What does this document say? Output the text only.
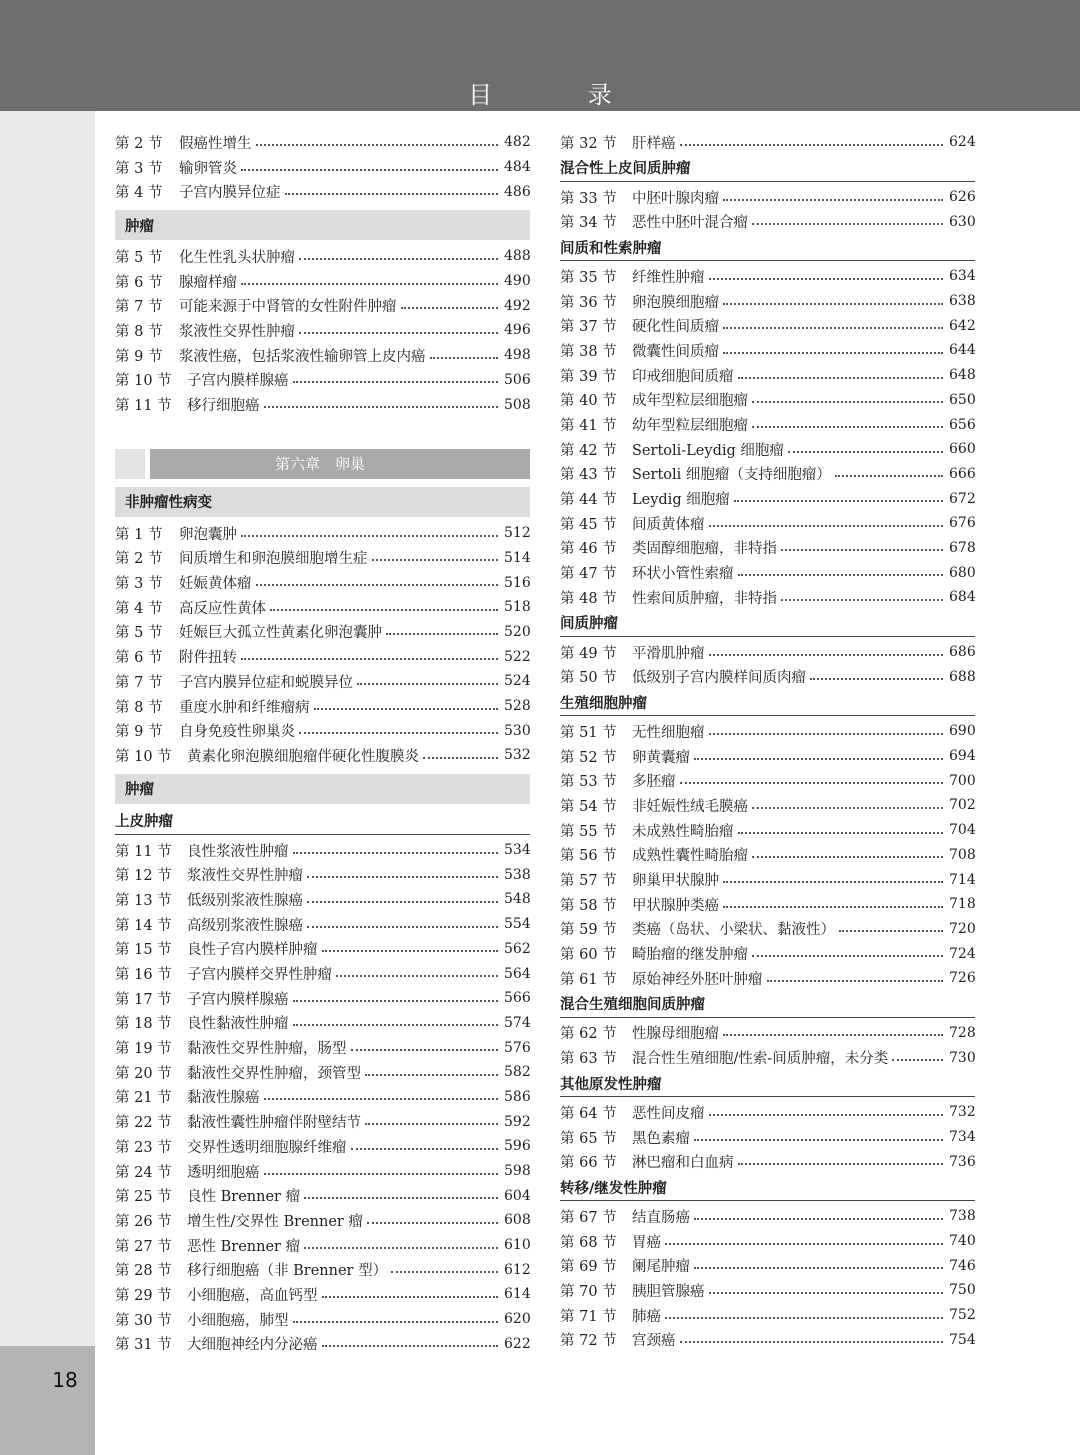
目 录
18
第 2 节	假癌性增生	482
第 3 节	输卵管炎	484
第 4 节	子宫内膜异位症	486
肿瘤
第 5 节	化生性乳头状肿瘤	488
第 6 节	腺瘤样瘤	490
第 7 节	可能来源于中肾管的女性附件肿瘤	492
第 8 节	浆液性交界性肿瘤	496
第 9 节	浆液性癌，包括浆液性输卵管上皮内癌	498
第 10 节	子宫内膜样腺癌	506
第 11 节	移行细胞癌	508
第六章　卵巢
非肿瘤性病变
第 1 节	卵泡囊肿	512
第 2 节	间质增生和卵泡膜细胞增生症	514
第 3 节	妊娠黄体瘤	516
第 4 节	高反应性黄体	518
第 5 节	妊娠巨大孤立性黄素化卵泡囊肿	520
第 6 节	附件扭转	522
第 7 节	子宫内膜异位症和蜕膜异位	524
第 8 节	重度水肿和纤维瘤病	528
第 9 节	自身免疫性卵巢炎	530
第 10 节	黄素化卵泡膜细胞瘤伴硬化性腹膜炎	532
肿瘤
上皮肿瘤
第 11 节	良性浆液性肿瘤	534
第 12 节	浆液性交界性肿瘤	538
第 13 节	低级别浆液性腺癌	548
第 14 节	高级别浆液性腺癌	554
第 15 节	良性子宫内膜样肿瘤	562
第 16 节	子宫内膜样交界性肿瘤	564
第 17 节	子宫内膜样腺癌	566
第 18 节	良性黏液性肿瘤	574
第 19 节	黏液性交界性肿瘤，肠型	576
第 20 节	黏液性交界性肿瘤，颈管型	582
第 21 节	黏液性腺癌	586
第 22 节	黏液性囊性肿瘤伴附壁结节	592
第 23 节	交界性透明细胞腺纤维瘤	596
第 24 节	透明细胞癌	598
第 25 节	良性 Brenner 瘤	604
第 26 节	增生性/交界性 Brenner 瘤	608
第 27 节	恶性 Brenner 瘤	610
第 28 节	移行细胞癌（非 Brenner 型）	612
第 29 节	小细胞癌，高血钙型	614
第 30 节	小细胞癌，肺型	620
第 31 节	大细胞神经内分泌癌	622
第 32 节	肝样癌	624
混合性上皮间质肿瘤
第 33 节	中胚叶腺肉瘤	626
第 34 节	恶性中胚叶混合瘤	630
间质和性索肿瘤
第 35 节	纤维性肿瘤	634
第 36 节	卵泡膜细胞瘤	638
第 37 节	硬化性间质瘤	642
第 38 节	微囊性间质瘤	644
第 39 节	印戒细胞间质瘤	648
第 40 节	成年型粒层细胞瘤	650
第 41 节	幼年型粒层细胞瘤	656
第 42 节	Sertoli-Leydig 细胞瘤	660
第 43 节	Sertoli 细胞瘤（支持细胞瘤）	666
第 44 节	Leydig 细胞瘤	672
第 45 节	间质黄体瘤	676
第 46 节	类固醇细胞瘤，非特指	678
第 47 节	环状小管性索瘤	680
第 48 节	性索间质肿瘤，非特指	684
间质肿瘤
第 49 节	平滑肌肿瘤	686
第 50 节	低级别子宫内膜样间质肉瘤	688
生殖细胞肿瘤
第 51 节	无性细胞瘤	690
第 52 节	卵黄囊瘤	694
第 53 节	多胚瘤	700
第 54 节	非妊娠性绒毛膜癌	702
第 55 节	未成熟性畸胎瘤	704
第 56 节	成熟性囊性畸胎瘤	708
第 57 节	卵巢甲状腺肿	714
第 58 节	甲状腺肿类癌	718
第 59 节	类癌（岛状、小梁状、黏液性）	720
第 60 节	畸胎瘤的继发肿瘤	724
第 61 节	原始神经外胚叶肿瘤	726
混合生殖细胞间质肿瘤
第 62 节	性腺母细胞瘤	728
第 63 节	混合性生殖细胞/性索-间质肿瘤，未分类	730
其他原发性肿瘤
第 64 节	恶性间皮瘤	732
第 65 节	黑色素瘤	734
第 66 节	淋巴瘤和白血病	736
转移/继发性肿瘤
第 67 节	结直肠癌	738
第 68 节	胃癌	740
第 69 节	阑尾肿瘤	746
第 70 节	胰胆管腺癌	750
第 71 节	肺癌	752
第 72 节	宫颈癌	754
